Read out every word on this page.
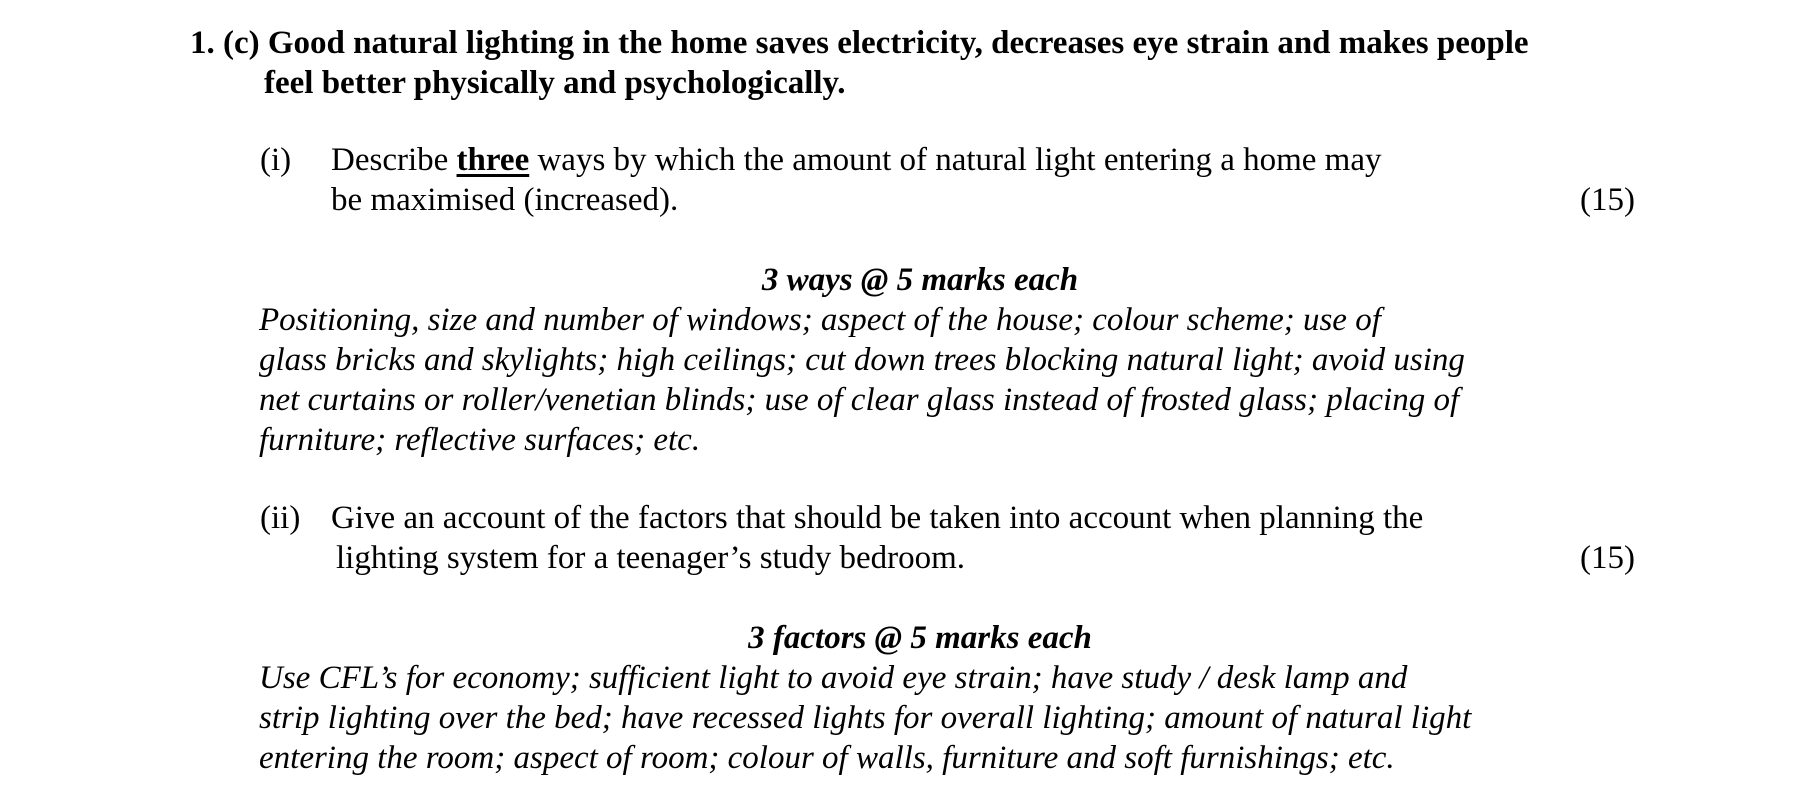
1. (c) Good natural lighting in the home saves electricity, decreases eye strain and makes people
feel better physically and psychologically.
(i) Describe three ways by which the amount of natural light entering a home may
be maximised (increased).	(15)
3 ways @ 5 marks each
Positioning, size and number of windows; aspect of the house; colour scheme; use of
glass bricks and skylights; high ceilings; cut down trees blocking natural light; avoid using
net curtains or roller/venetian blinds; use of clear glass instead of frosted glass; placing of
furniture; reflective surfaces; etc.
(ii) Give an account of the factors that should be taken into account when planning the
lighting system for a teenager’s study bedroom.	(15)
3 factors @ 5 marks each
Use CFL’s for economy; sufficient light to avoid eye strain; have study / desk lamp and
strip lighting over the bed; have recessed lights for overall lighting; amount of natural light
entering the room; aspect of room; colour of walls, furniture and soft furnishings; etc.
